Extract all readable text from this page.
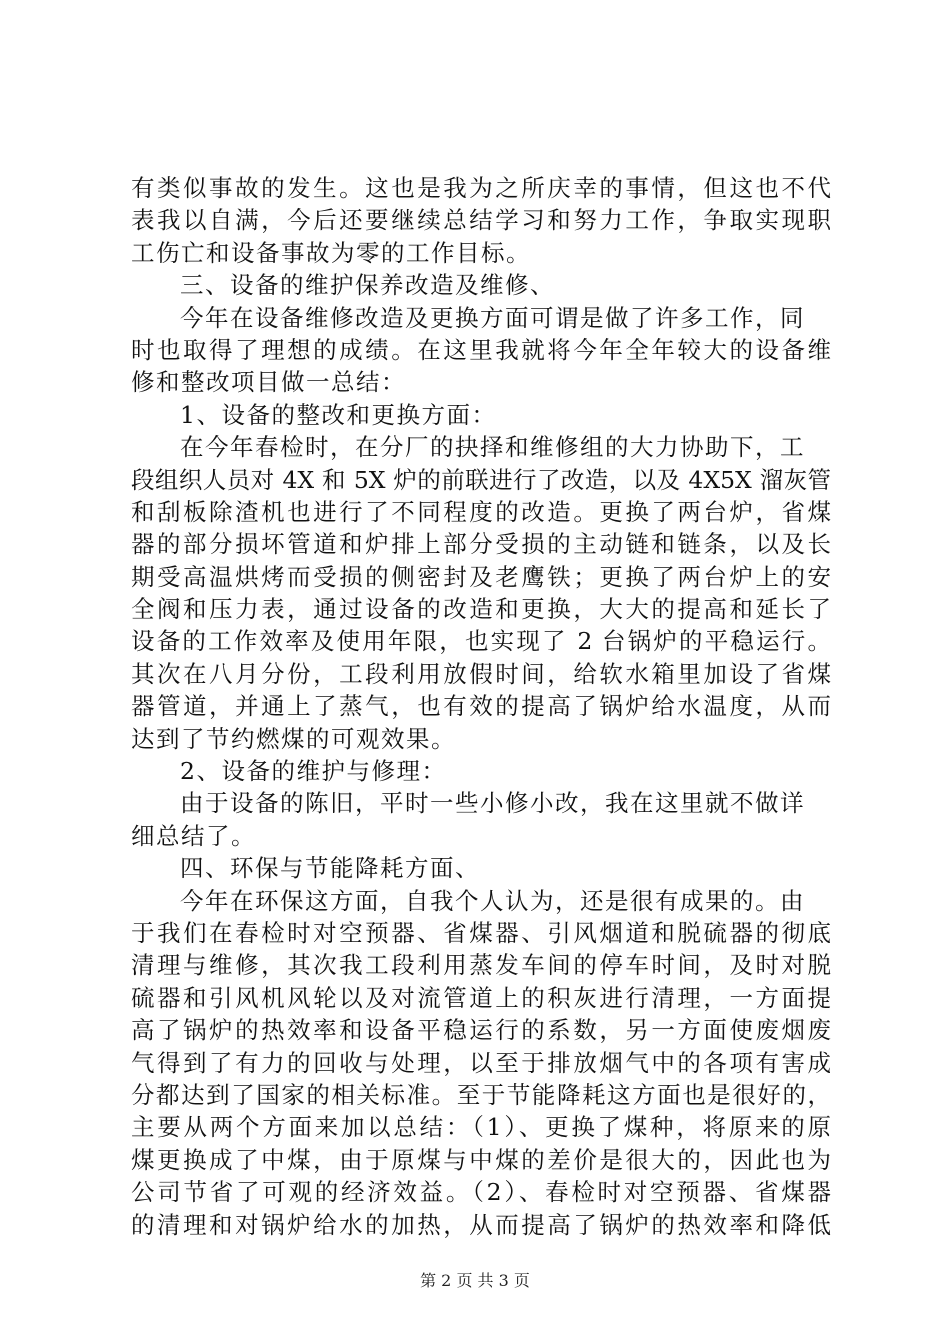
有类似事故的发生。这也是我为之所庆幸的事情，但这也不代
表我以自满，今后还要继续总结学习和努力工作，争取实现职
工伤亡和设备事故为零的工作目标。
三、设备的维护保养改造及维修、
今年在设备维修改造及更换方面可谓是做了许多工作，同
时也取得了理想的成绩。在这里我就将今年全年较大的设备维
修和整改项目做一总结：
1、设备的整改和更换方面：
在今年春检时，在分厂的抉择和维修组的大力协助下，工
段组织人员对 4X 和 5X 炉的前联进行了改造，以及 4X5X 溜灰管
和刮板除渣机也进行了不同程度的改造。更换了两台炉，省煤
器的部分损坏管道和炉排上部分受损的主动链和链条，以及长
期受高温烘烤而受损的侧密封及老鹰铁；更换了两台炉上的安
全阀和压力表，通过设备的改造和更换，大大的提高和延长了
设备的工作效率及使用年限，也实现了 2 台锅炉的平稳运行。
其次在八月分份，工段利用放假时间，给软水箱里加设了省煤
器管道，并通上了蒸气，也有效的提高了锅炉给水温度，从而
达到了节约燃煤的可观效果。
2、设备的维护与修理：
由于设备的陈旧，平时一些小修小改，我在这里就不做详
细总结了。
四、环保与节能降耗方面、
今年在环保这方面，自我个人认为，还是很有成果的。由
于我们在春检时对空预器、省煤器、引风烟道和脱硫器的彻底
清理与维修，其次我工段利用蒸发车间的停车时间，及时对脱
硫器和引风机风轮以及对流管道上的积灰进行清理，一方面提
高了锅炉的热效率和设备平稳运行的系数，另一方面使废烟废
气得到了有力的回收与处理，以至于排放烟气中的各项有害成
分都达到了国家的相关标准。至于节能降耗这方面也是很好的，
主要从两个方面来加以总结：（1）、更换了煤种，将原来的原
煤更换成了中煤，由于原煤与中煤的差价是很大的，因此也为
公司节省了可观的经济效益。（2）、春检时对空预器、省煤器
的清理和对锅炉给水的加热，从而提高了锅炉的热效率和降低
第 2 页 共 3 页
